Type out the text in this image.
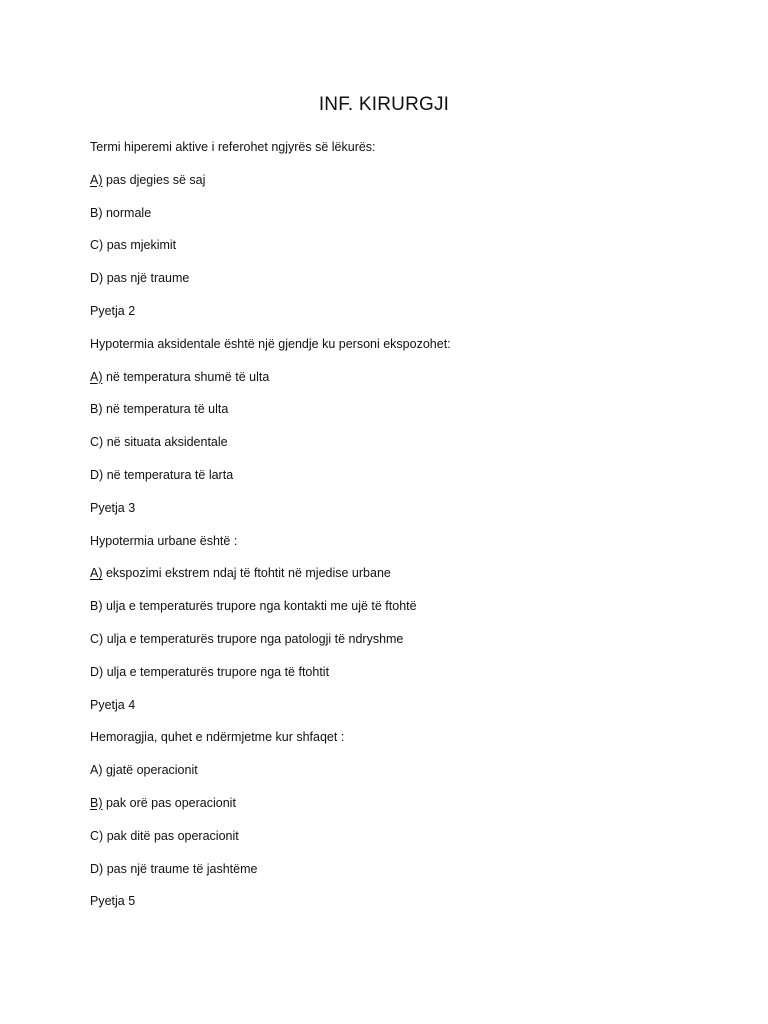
INF. KIRURGJI
Termi hiperemi aktive i referohet ngjyrës së lëkurës:
A) pas djegies së saj
B) normale
C) pas mjekimit
D) pas një traume
Pyetja 2
Hypotermia aksidentale është një gjendje ku personi ekspozohet:
A) në temperatura shumë të ulta
B) në temperatura të ulta
C) në situata aksidentale
D) në temperatura të larta
Pyetja 3
Hypotermia urbane është :
A) ekspozimi ekstrem ndaj të ftohtit në mjedise urbane
B) ulja e temperaturës trupore nga kontakti me ujë të ftohtë
C) ulja e temperaturës trupore nga patologji të ndryshme
D) ulja e temperaturës trupore nga të ftohtit
Pyetja 4
Hemoragjia, quhet e ndërmjetme kur shfaqet :
A) gjatë operacionit
B) pak orë pas operacionit
C) pak ditë pas operacionit
D) pas një traume të jashtëme
Pyetja 5
